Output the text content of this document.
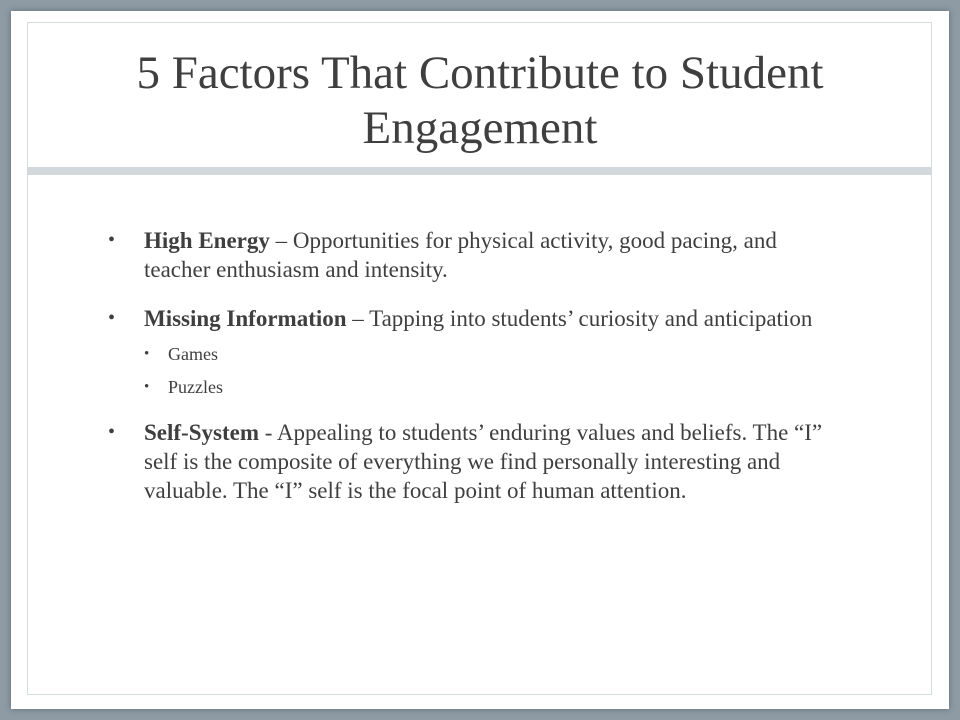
5 Factors That Contribute to Student Engagement
• High Energy – Opportunities for physical activity, good pacing, and teacher enthusiasm and intensity.
• Missing Information – Tapping into students’ curiosity and anticipation
• Games
• Puzzles
• Self-System - Appealing to students’ enduring values and beliefs. The “I” self is the composite of everything we find personally interesting and valuable. The “I” self is the focal point of human attention.
